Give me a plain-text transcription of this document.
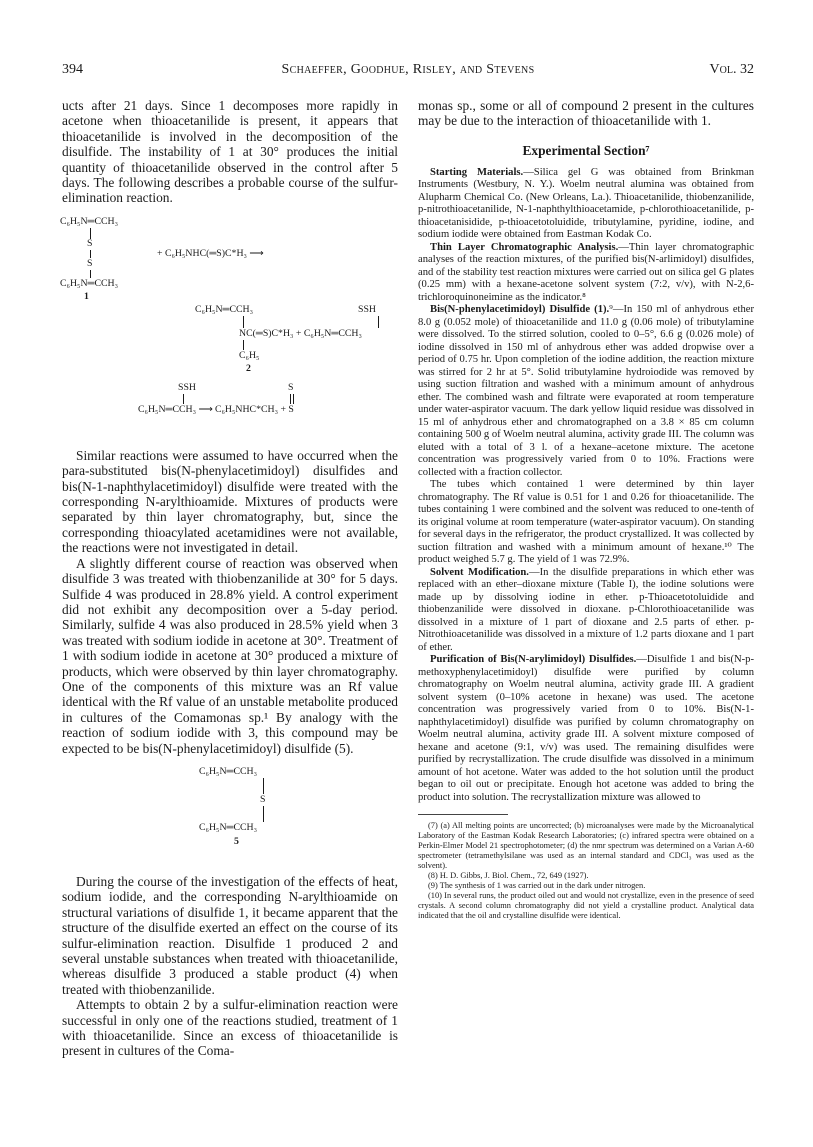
394	Schaeffer, Goodhue, Risley, and Stevens	Vol. 32

ucts after 21 days. Since 1 decomposes more rapidly in acetone when thioacetanilide is present, it appears that thioacetanilide is involved in the decomposition of the disulfide. The instability of 1 at 30° produces the initial quantity of thioacetanilide observed in the control after 5 days. The following describes a probable course of the sulfur-elimination reaction.

C₆H₅N═CCH₃
S
S
C₆H₅N═CCH₃
1
+ C₆H₅NHC(═S)C*H₃ ⟶
SSH
C₆H₅N═CCH₃
NC(═S)C*H₃ + C₆H₅N═CCH₃
C₆H₅
2
SSH	S
C₆H₅N═CCH₃ ⟶ C₆H₅NHC*CH₃ + S

Similar reactions were assumed to have occurred when the para-substituted bis(N-phenylacetimidoyl) disulfides and bis(N-1-naphthylacetimidoyl) disulfide were treated with the corresponding N-arylthioamide. Mixtures of products were separated by thin layer chromatography, but, since the corresponding thioacylated acetamidines were not available, the reactions were not investigated in detail.

A slightly different course of reaction was observed when disulfide 3 was treated with thiobenzanilide at 30° for 5 days. Sulfide 4 was produced in 28.8% yield. A control experiment did not exhibit any decomposition over a 5-day period. Similarly, sulfide 4 was also produced in 28.5% yield when 3 was treated with sodium iodide in acetone at 30°. Treatment of 1 with sodium iodide in acetone at 30° produced a mixture of products, which were observed by thin layer chromatography. One of the components of this mixture was an Rf value identical with the Rf value of an unstable metabolite produced in cultures of the Comamonas sp.¹ By analogy with the reaction of sodium iodide with 3, this compound may be expected to be bis(N-phenylacetimidoyl) disulfide (5).

C₆H₅N═CCH₃
S
C₆H₅N═CCH₃
5

During the course of the investigation of the effects of heat, sodium iodide, and the corresponding N-arylthioamide on structural variations of disulfide 1, it became apparent that the structure of the disulfide exerted an effect on the course of its sulfur-elimination reaction. Disulfide 1 produced 2 and several unstable substances when treated with thioacetanilide, whereas disulfide 3 produced a stable product (4) when treated with thiobenzanilide.

Attempts to obtain 2 by a sulfur-elimination reaction were successful in only one of the reactions studied, treatment of 1 with thioacetanilide. Since an excess of thioacetanilide is present in cultures of the Coma-

monas sp., some or all of compound 2 present in the cultures may be due to the interaction of thioacetanilide with 1.

Experimental Section⁷

Starting Materials.—Silica gel G was obtained from Brinkman Instruments (Westbury, N. Y.). Woelm neutral alumina was obtained from Alupharm Chemical Co. (New Orleans, La.). Thioacetanilide, thiobenzanilide, p-nitrothioacetanilide, N-1-naphthylthioacetamide, p-chlorothioacetanilide, p-thioacetanisidide, p-thioacetotoluidide, tributylamine, pyridine, iodine, and sodium iodide were obtained from Eastman Kodak Co.

Thin Layer Chromatographic Analysis.—Thin layer chromatographic analyses of the reaction mixtures, of the purified bis(N-arlimidoyl) disulfides, and of the stability test reaction mixtures were carried out on silica gel G plates (0.25 mm) with a hexane-acetone solvent system (7:2, v/v), with N-2,6-trichloroquinoneimine as the indicator.⁸

Bis(N-phenylacetimidoyl) Disulfide (1).⁹—In 150 ml of anhydrous ether 8.0 g (0.052 mole) of thioacetanilide and 11.0 g (0.06 mole) of tributylamine were dissolved. To the stirred solution, cooled to 0–5°, 6.6 g (0.026 mole) of iodine dissolved in 150 ml of anhydrous ether was added dropwise over a period of 0.75 hr. Upon completion of the iodine addition, the reaction mixture was stirred for 2 hr at 5°. Solid tributylamine hydroiodide was removed by using suction filtration and washed with a minimum amount of anhydrous ether. The combined wash and filtrate were evaporated at room temperature under water-aspirator vacuum. The dark yellow liquid residue was dissolved in 15 ml of anhydrous ether and chromatographed on a 3.8 × 85 cm column containing 500 g of Woelm neutral alumina, activity grade III. The column was eluted with a total of 3 l. of a hexane–acetone mixture. The acetone concentration was progressively varied from 0 to 10%. Fractions were collected with a fraction collector.

The tubes which contained 1 were determined by thin layer chromatography. The Rf value is 0.51 for 1 and 0.26 for thioacetanilide. The tubes containing 1 were combined and the solvent was reduced to one-tenth of its original volume at room temperature (water-aspirator vacuum). On standing for several days in the refrigerator, the product crystallized. It was collected by suction filtration and washed with a minimum amount of hexane.¹⁰ The product weighed 5.7 g. The yield of 1 was 72.9%.

Solvent Modification.—In the disulfide preparations in which ether was replaced with an ether–dioxane mixture (Table I), the iodine solutions were made up by dissolving iodine in ether. p-Thioacetotoluidide and thiobenzanilide were dissolved in dioxane. p-Chlorothioacetanilide was dissolved in a mixture of 1 part of dioxane and 2.5 parts of ether. p-Nitrothioacetanilide was dissolved in a mixture of 1.2 parts dioxane and 1 part of ether.

Purification of Bis(N-arylimidoyl) Disulfides.—Disulfide 1 and bis(N-p-methoxyphenylacetimidoyl) disulfide were purified by column chromatography on Woelm neutral alumina, activity grade III. A gradient solvent system (0–10% acetone in hexane) was used. The acetone concentration was progressively varied from 0 to 10%. Bis(N-1-naphthylacetimidoyl) disulfide was purified by column chromatography on Woelm neutral alumina, activity grade III. A solvent mixture composed of hexane and acetone (9:1, v/v) was used. The remaining disulfides were purified by recrystallization. The crude disulfide was dissolved in a minimum amount of hot acetone. Water was added to the hot solution until the product began to oil out or precipitate. Enough hot acetone was added to bring the product into solution. The recrystallization mixture was allowed to

(7) (a) All melting points are uncorrected; (b) microanalyses were made by the Microanalytical Laboratory of the Eastman Kodak Research Laboratories; (c) infrared spectra were obtained on a Perkin-Elmer Model 21 spectrophotometer; (d) the nmr spectrum was determined on a Varian A-60 spectrometer (tetramethylsilane was used as an internal standard and CDCl₃ was used as the solvent).

(8) H. D. Gibbs, J. Biol. Chem., 72, 649 (1927).

(9) The synthesis of 1 was carried out in the dark under nitrogen.

(10) In several runs, the product oiled out and would not crystallize, even in the presence of seed crystals. A second column chromatography did not yield a crystalline product. Analytical data indicated that the oil and crystalline disulfide were identical.
